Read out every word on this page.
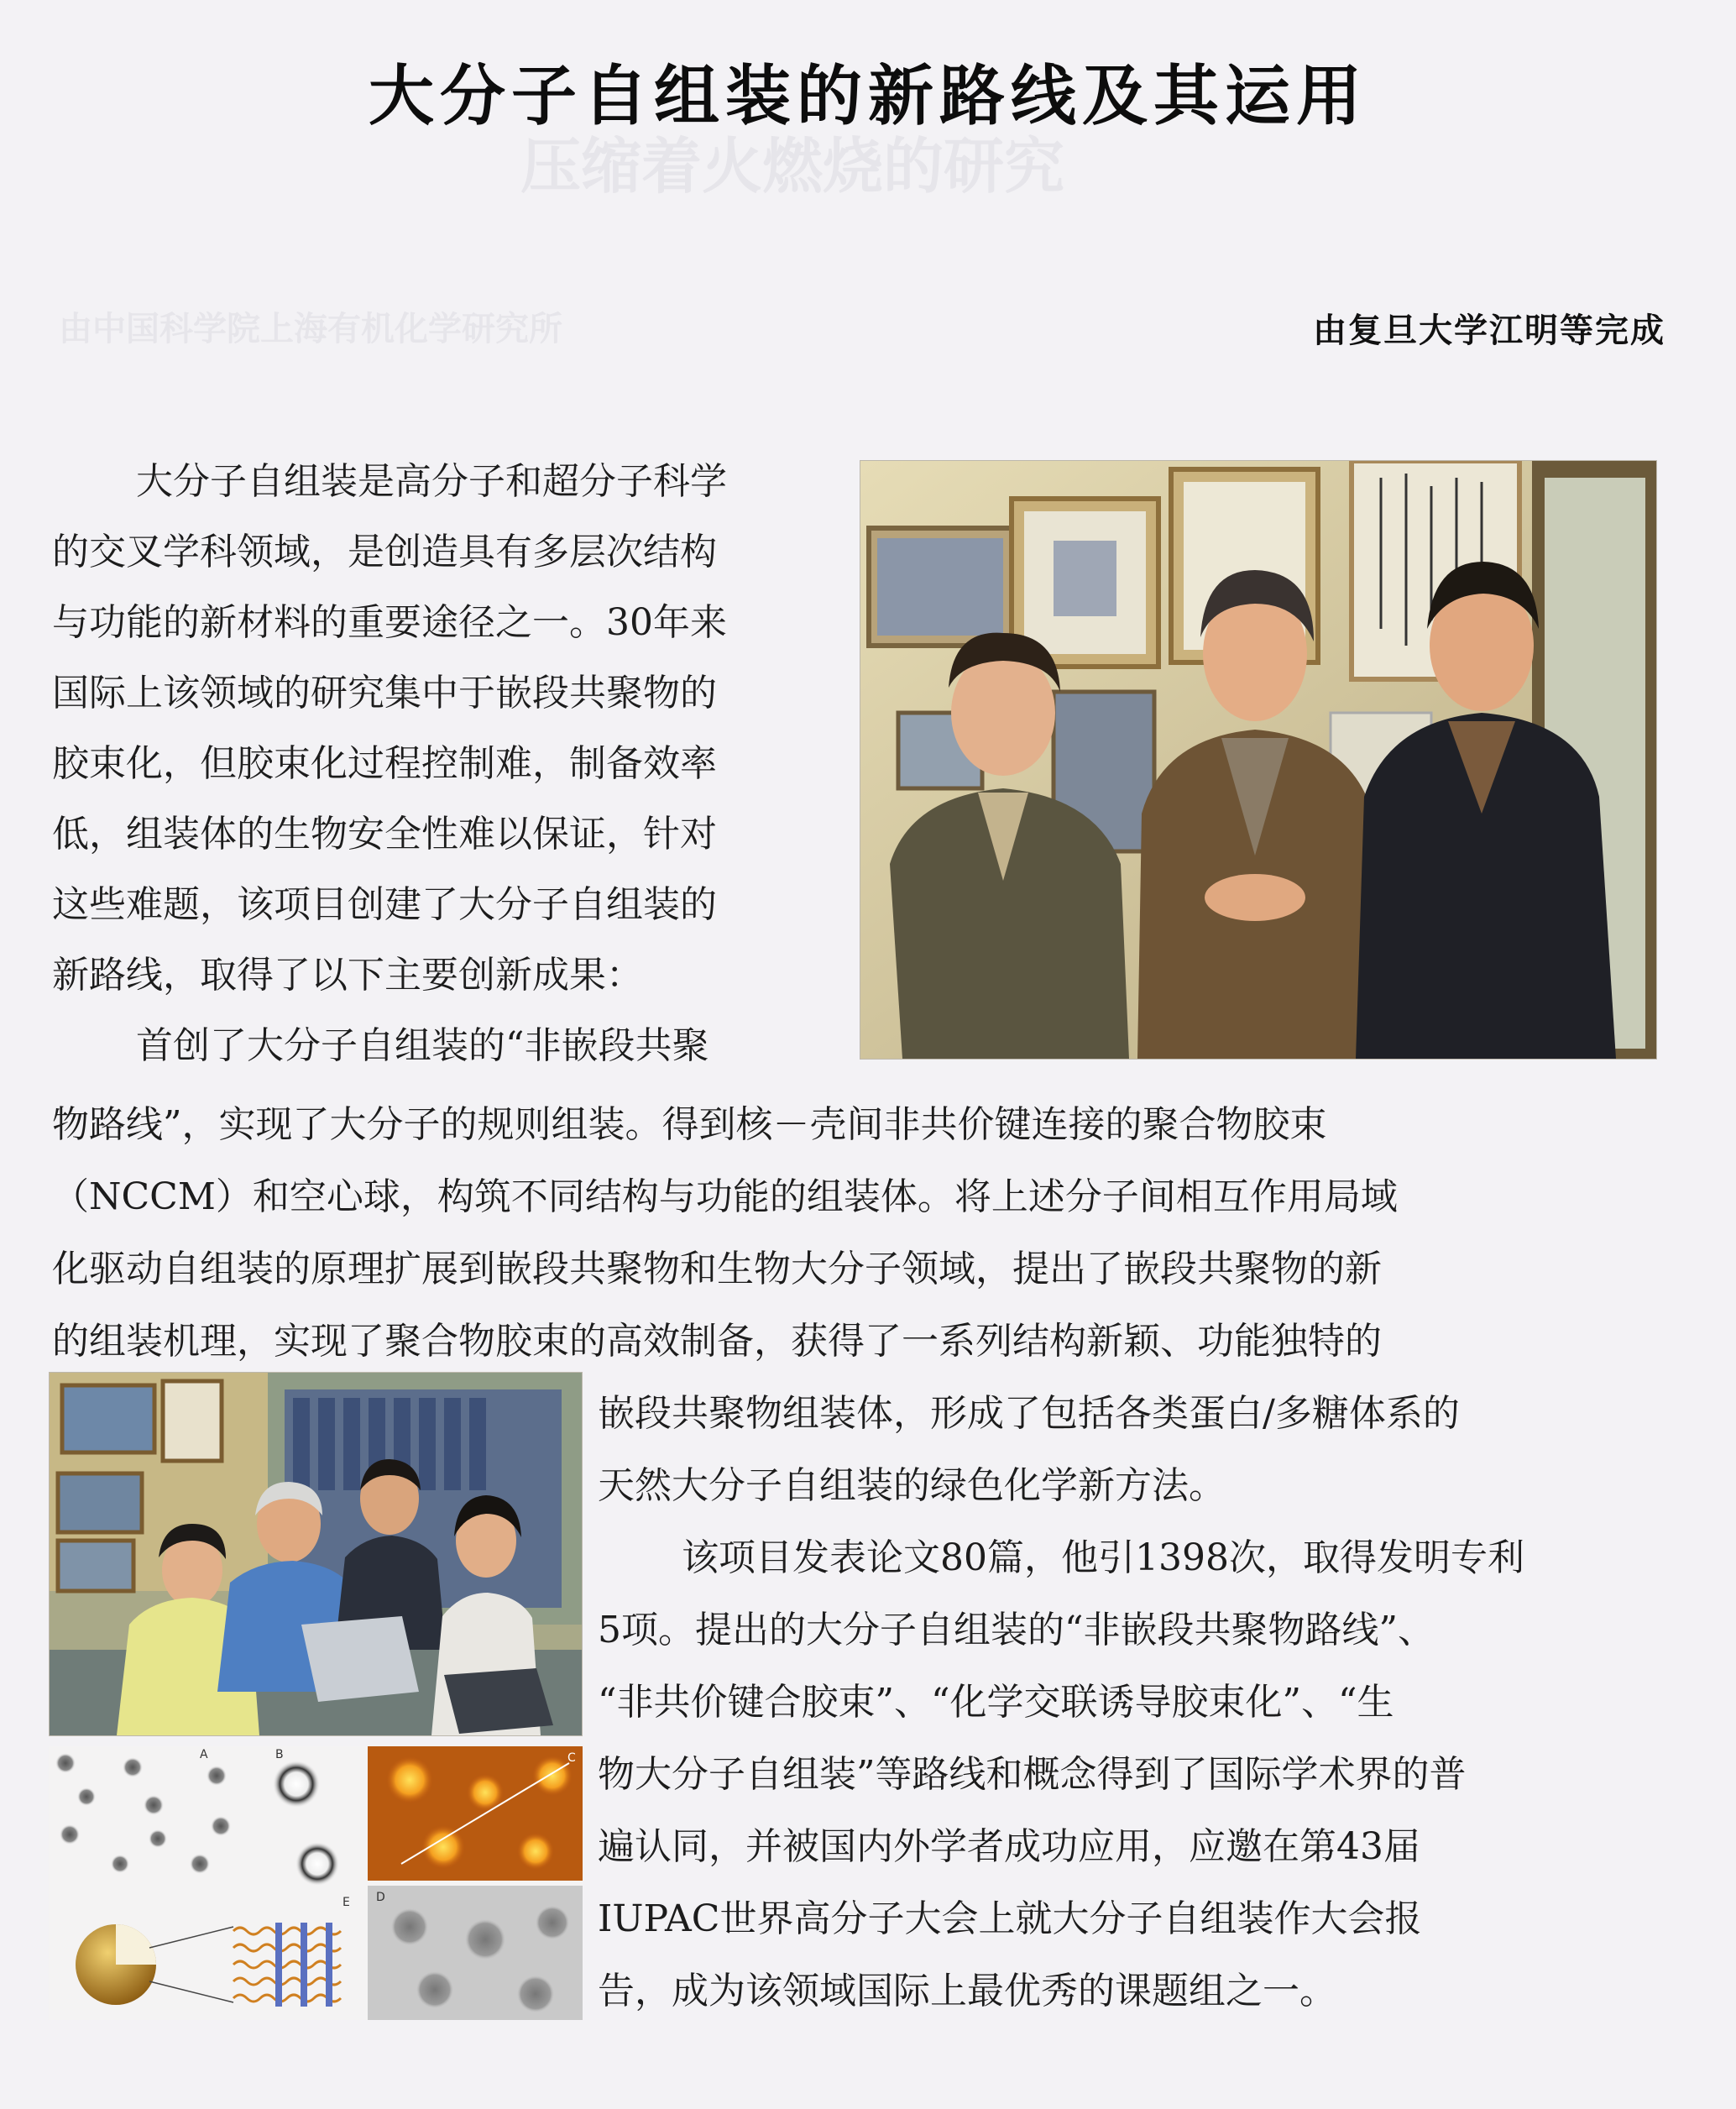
压缩着火燃烧的研究
由中国科学院上海有机化学研究所
大分子自组装的新路线及其运用
由复旦大学江明等完成
大分子自组装是高分子和超分子科学
的交叉学科领域，是创造具有多层次结构
与功能的新材料的重要途径之一。30年来
国际上该领域的研究集中于嵌段共聚物的
胶束化，但胶束化过程控制难，制备效率
低，组装体的生物安全性难以保证，针对
这些难题，该项目创建了大分子自组装的
新路线，取得了以下主要创新成果：
首创了大分子自组装的“非嵌段共聚
物路线”，实现了大分子的规则组装。得到核－壳间非共价键连接的聚合物胶束
（NCCM）和空心球，构筑不同结构与功能的组装体。将上述分子间相互作用局域
化驱动自组装的原理扩展到嵌段共聚物和生物大分子领域，提出了嵌段共聚物的新
的组装机理，实现了聚合物胶束的高效制备，获得了一系列结构新颖、功能独特的
嵌段共聚物组装体，形成了包括各类蛋白/多糖体系的
天然大分子自组装的绿色化学新方法。
该项目发表论文80篇，他引1398次，取得发明专利
5项。提出的大分子自组装的“非嵌段共聚物路线”、
“非共价键合胶束”、“化学交联诱导胶束化”、“生
物大分子自组装”等路线和概念得到了国际学术界的普
遍认同，并被国内外学者成功应用，应邀在第43届
IUPAC世界高分子大会上就大分子自组装作大会报
告，成为该领域国际上最优秀的课题组之一。
A	B	C
D
E
